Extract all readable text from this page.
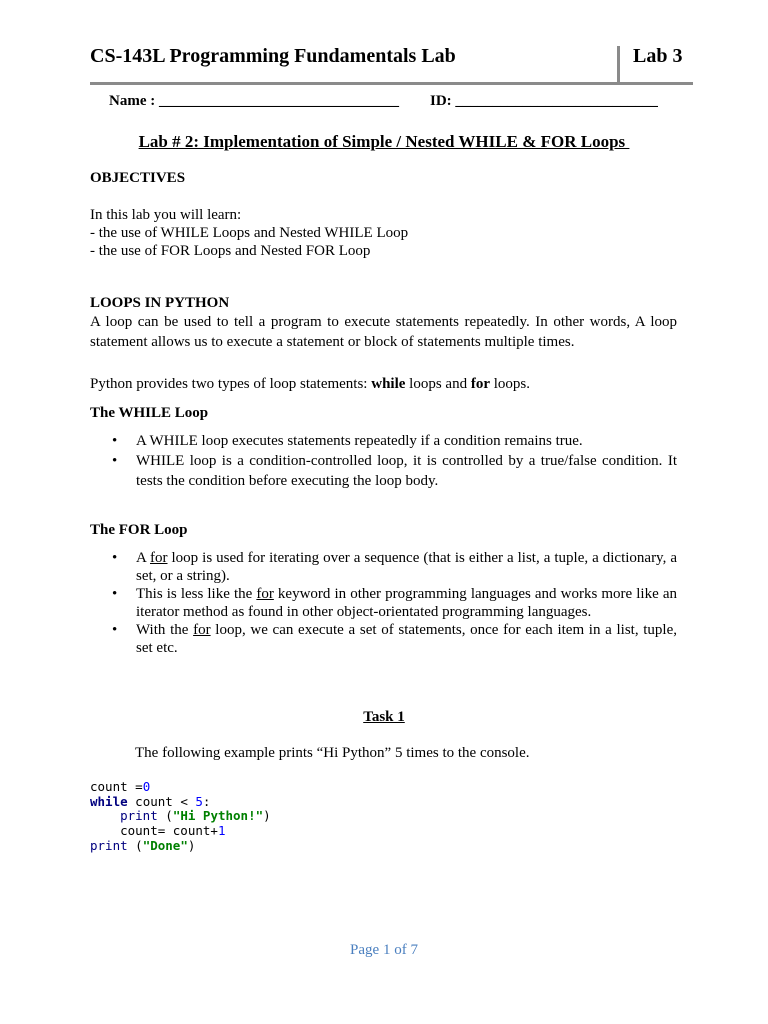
CS-143L Programming Fundamentals Lab	Lab 3
Name : ________________________________ ID: ___________________________
Lab # 2: Implementation of Simple / Nested WHILE & FOR Loops
OBJECTIVES
In this lab you will learn:
- the use of WHILE Loops and Nested WHILE Loop
- the use of FOR Loops and Nested FOR Loop
LOOPS IN PYTHON
A loop can be used to tell a program to execute statements repeatedly. In other words, A loop statement allows us to execute a statement or block of statements multiple times.
Python provides two types of loop statements: while loops and for loops.
The WHILE Loop
• A WHILE loop executes statements repeatedly if a condition remains true.
• WHILE loop is a condition-controlled loop, it is controlled by a true/false condition. It tests the condition before executing the loop body.
The FOR Loop
• A for loop is used for iterating over a sequence (that is either a list, a tuple, a dictionary, a set, or a string).
• This is less like the for keyword in other programming languages and works more like an iterator method as found in other object-orientated programming languages.
• With the for loop, we can execute a set of statements, once for each item in a list, tuple, set etc.
Task 1
The following example prints “Hi Python” 5 times to the console.
count =0
while count < 5:
print ("Hi Python!")
count= count+1
print ("Done")
Page 1 of 7
